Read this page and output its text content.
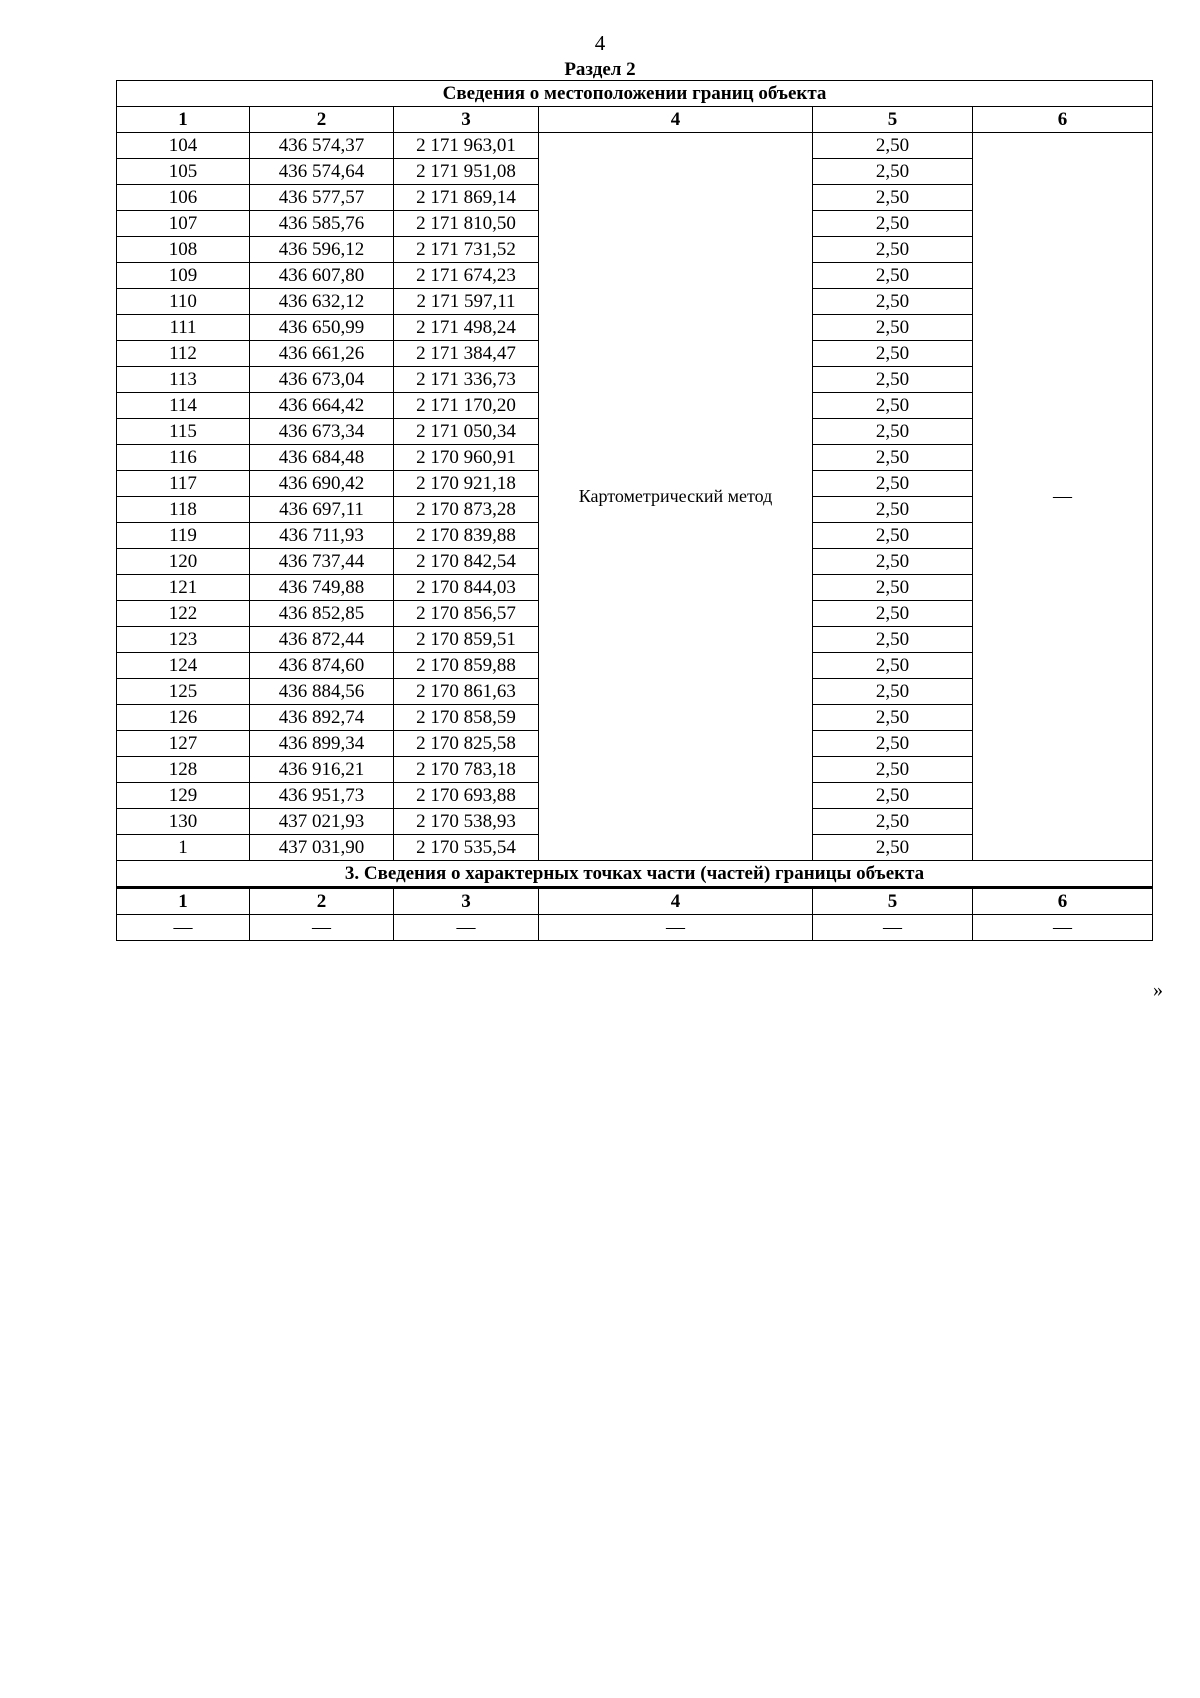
4
Раздел 2
Сведения о местоположении границ объекта					
1	2	3	4	5	6
104	436 574,37	2 171 963,01	Картометрический метод	2,50	—
105	436 574,64	2 171 951,08		2,50	
106	436 577,57	2 171 869,14		2,50	
107	436 585,76	2 171 810,50		2,50	
108	436 596,12	2 171 731,52		2,50	
109	436 607,80	2 171 674,23		2,50	
110	436 632,12	2 171 597,11		2,50	
111	436 650,99	2 171 498,24		2,50	
112	436 661,26	2 171 384,47		2,50	
113	436 673,04	2 171 336,73		2,50	
114	436 664,42	2 171 170,20		2,50	
115	436 673,34	2 171 050,34		2,50	
116	436 684,48	2 170 960,91		2,50	
117	436 690,42	2 170 921,18		2,50	
118	436 697,11	2 170 873,28		2,50	
119	436 711,93	2 170 839,88		2,50	
120	436 737,44	2 170 842,54		2,50	
121	436 749,88	2 170 844,03		2,50	
122	436 852,85	2 170 856,57		2,50	
123	436 872,44	2 170 859,51		2,50	
124	436 874,60	2 170 859,88		2,50	
125	436 884,56	2 170 861,63		2,50	
126	436 892,74	2 170 858,59		2,50	
127	436 899,34	2 170 825,58		2,50	
128	436 916,21	2 170 783,18		2,50	
129	436 951,73	2 170 693,88		2,50	
130	437 021,93	2 170 538,93		2,50	
1	437 031,90	2 170 535,54		2,50	
3. Сведения о характерных точках части (частей) границы объекта					
1	2	3	4	5	6
—	—	—	—	—	—
»
